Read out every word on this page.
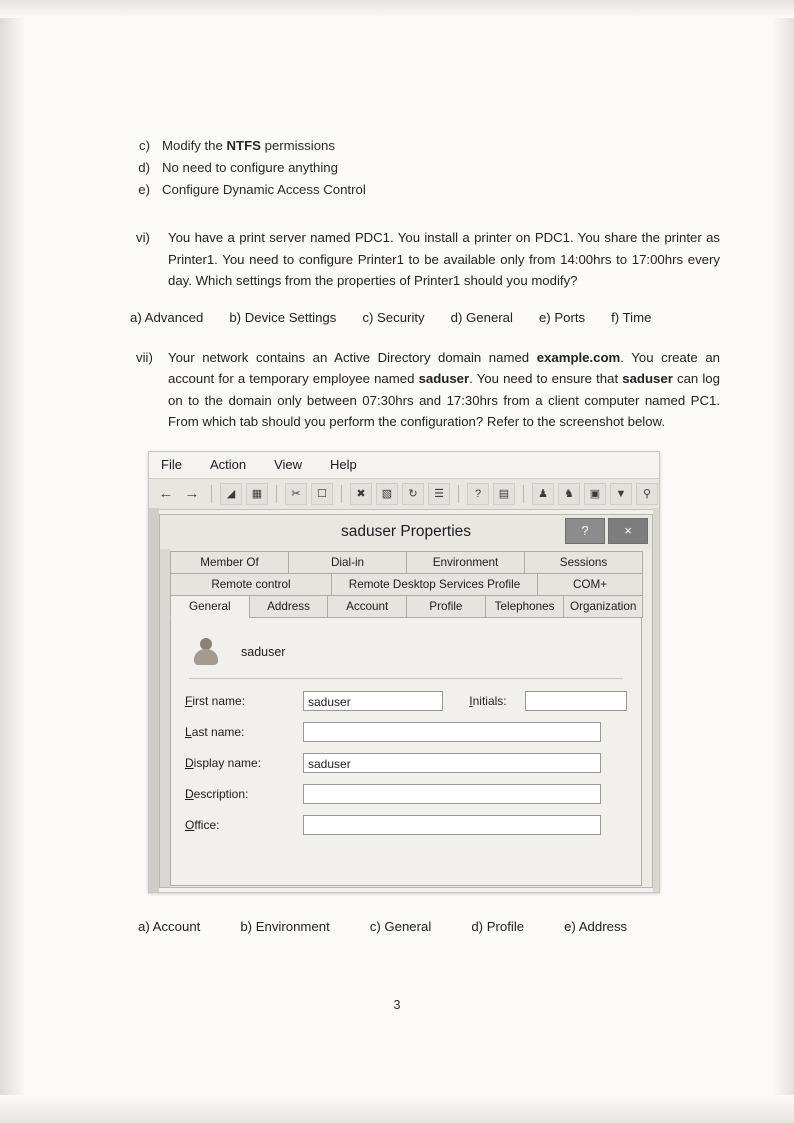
c) Modify the NTFS permissions
d) No need to configure anything
e) Configure Dynamic Access Control
vi)	You have a print server named PDC1. You install a printer on PDC1. You share the printer as Printer1. You need to configure Printer1 to be available only from 14:00hrs to 17:00hrs every day. Which settings from the properties of Printer1 should you modify?
a) Advanced b) Device Settings c) Security d) General e) Ports f) Time
vii)	Your network contains an Active Directory domain named example.com. You create an account for a temporary employee named saduser. You need to ensure that saduser can log on to the domain only between 07:30hrs and 17:30hrs from a client computer named PC1. From which tab should you perform the configuration? Refer to the screenshot below.
File Action View Help
← →	◢	▦	✂	☐	✖	▧	↻	☰	?	▤	♟	♞	▣	▼	⚲
saduser Properties	?	×
Member Of	Dial-in	Environment	Sessions
Remote control	Remote Desktop Services Profile	COM+
General	Address	Account	Profile	Telephones	Organization
saduser
First name:	saduser	Initials:
Last name:
Display name:	saduser
Description:
Office:
a) Account	b) Environment	c) General	d) Profile	e) Address
3
